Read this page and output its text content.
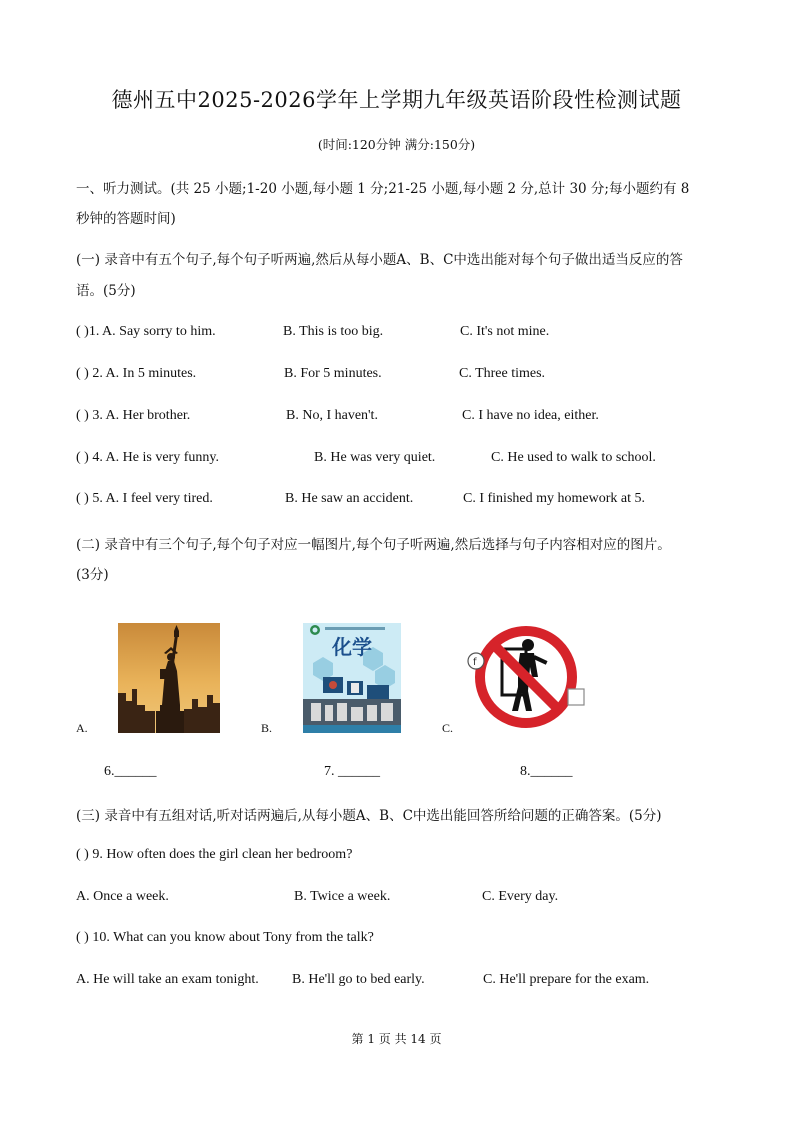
德州五中2025-2026学年上学期九年级英语阶段性检测试题
(时间:120分钟 满分:150分)
一、听力测试。(共 25 小题;1-20 小题,每小题 1 分;21-25 小题,每小题 2 分,总计 30 分;每小题约有 8
秒钟的答题时间)
(一) 录音中有五个句子,每个句子听两遍,然后从每小题A、B、C中选出能对每个句子做出适当反应的答
语。(5分)
( )1. A. Say sorry to him.	B. This is too big.	C. It's not mine.
( ) 2. A. In 5 minutes.	B. For 5 minutes.	C. Three times.
( ) 3. A. Her brother.	B. No, I haven't.	C. I have no idea, either.
( ) 4. A. He is very funny.	B. He was very quiet.	C. He used to walk to school.
( ) 5. A. I feel very tired.	B. He saw an accident.	C. I finished my homework at 5.
(二) 录音中有三个句子,每个句子对应一幅图片,每个句子听两遍,然后选择与句子内容相对应的图片。
(3分)
A.	B.	C.
化学
f
6.______	7. ______	8.______
(三) 录音中有五组对话,听对话两遍后,从每小题A、B、C中选出能回答所给问题的正确答案。(5分)
( ) 9. How often does the girl clean her bedroom?
A. Once a week.	B. Twice a week.	C. Every day.
( ) 10. What can you know about Tony from the talk?
A. He will take an exam tonight. B. He'll go to bed early.	C. He'll prepare for the exam.
第 1 页 共 14 页
